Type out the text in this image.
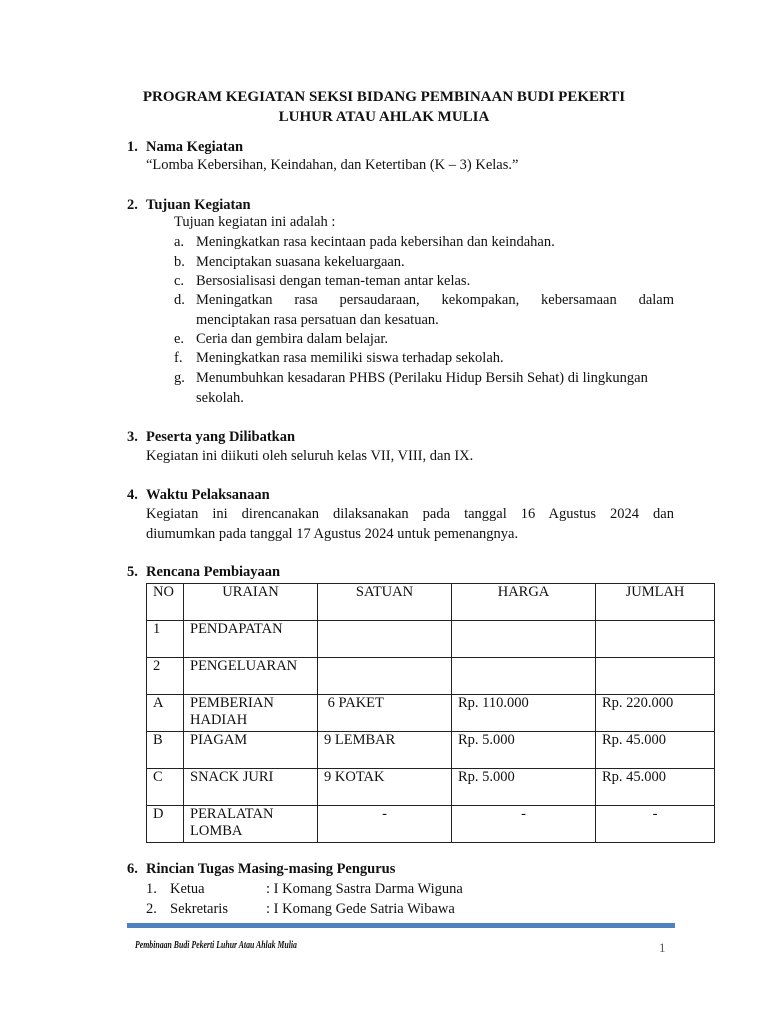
PROGRAM KEGIATAN SEKSI BIDANG PEMBINAAN BUDI PEKERTI
LUHUR ATAU AHLAK MULIA
1. Nama Kegiatan
“Lomba Kebersihan, Keindahan, dan Ketertiban (K – 3) Kelas.”
2. Tujuan Kegiatan
Tujuan kegiatan ini adalah :
a. Meningkatkan rasa kecintaan pada kebersihan dan keindahan.
b. Menciptakan suasana kekeluargaan.
c. Bersosialisasi dengan teman-teman antar kelas.
d. Meningatkan rasa persaudaraan, kekompakan, kebersamaan dalam
menciptakan rasa persatuan dan kesatuan.
e. Ceria dan gembira dalam belajar.
f. Meningkatkan rasa memiliki siswa terhadap sekolah.
g. Menumbuhkan kesadaran PHBS (Perilaku Hidup Bersih Sehat) di lingkungan
sekolah.
3. Peserta yang Dilibatkan
Kegiatan ini diikuti oleh seluruh kelas VII, VIII, dan IX.
4. Waktu Pelaksanaan
Kegiatan ini direncanakan dilaksanakan pada tanggal 16 Agustus 2024 dan
diumumkan pada tanggal 17 Agustus 2024 untuk pemenangnya.
5. Rencana Pembiayaan
NO	URAIAN	SATUAN	HARGA	JUMLAH
1	PENDAPATAN			
2	PENGELUARAN			
A	PEMBERIAN HADIAH	6 PAKET	Rp. 110.000	Rp. 220.000
B	PIAGAM	9 LEMBAR	Rp. 5.000	Rp. 45.000
C	SNACK JURI	9 KOTAK	Rp. 5.000	Rp. 45.000
D	PERALATAN LOMBA	-	-	-
6. Rincian Tugas Masing-masing Pengurus
1. Ketua	: I Komang Sastra Darma Wiguna
2. Sekretaris	: I Komang Gede Satria Wibawa
Pembinaan Budi Pekerti Luhur Atau Ahlak Mulia	1
